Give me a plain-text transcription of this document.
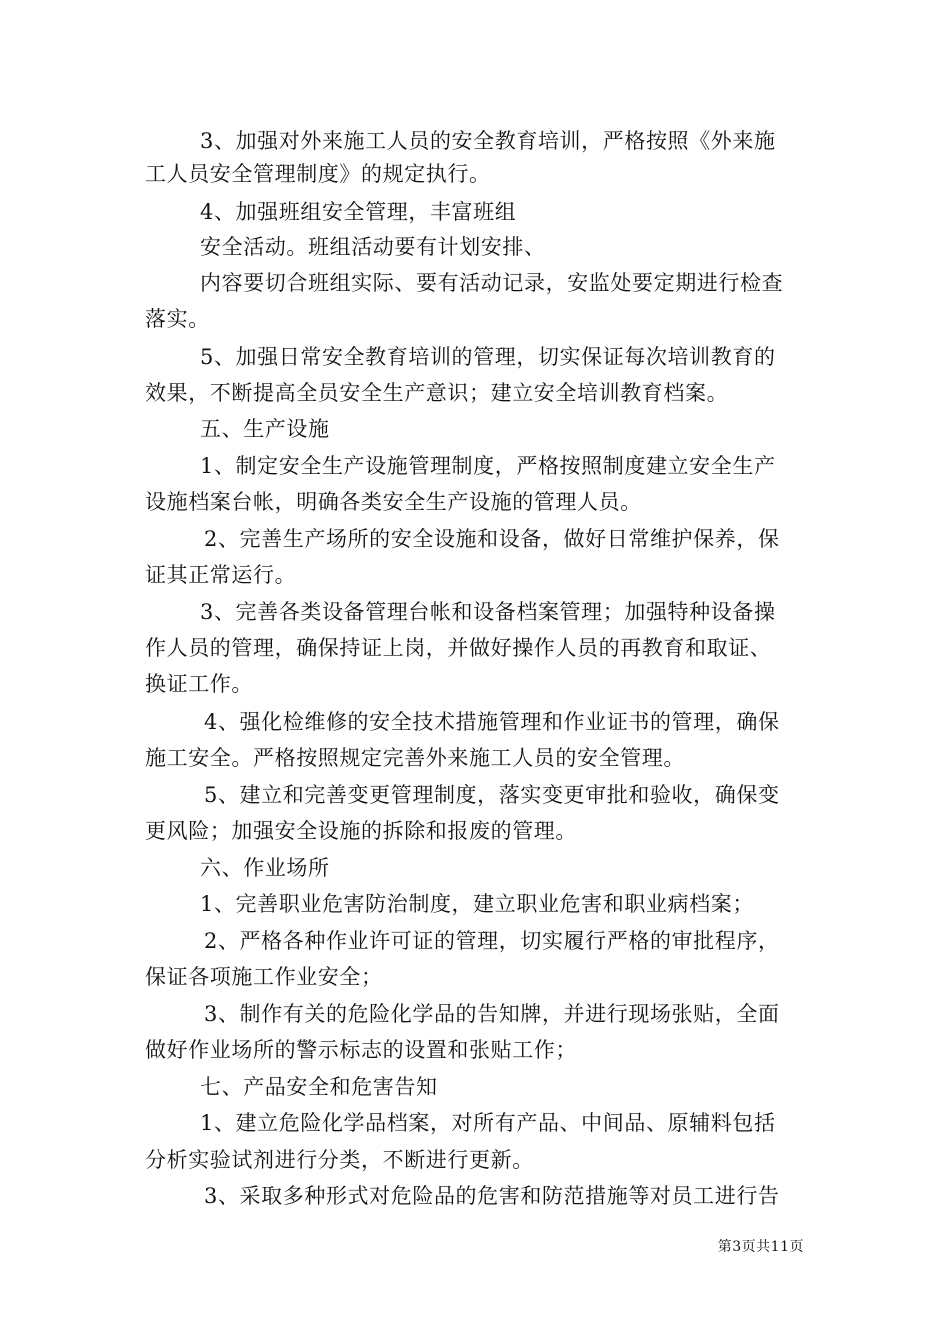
3、加强对外来施工人员的安全教育培训，严格按照《外来施
工人员安全管理制度》的规定执行。
4、加强班组安全管理，丰富班组
安全活动。班组活动要有计划安排、
内容要切合班组实际、要有活动记录，安监处要定期进行检查
落实。
5、加强日常安全教育培训的管理，切实保证每次培训教育的
效果，不断提高全员安全生产意识；建立安全培训教育档案。
五、生产设施
1、制定安全生产设施管理制度，严格按照制度建立安全生产
设施档案台帐，明确各类安全生产设施的管理人员。
2、完善生产场所的安全设施和设备，做好日常维护保养，保
证其正常运行。
3、完善各类设备管理台帐和设备档案管理；加强特种设备操
作人员的管理，确保持证上岗，并做好操作人员的再教育和取证、
换证工作。
4、强化检维修的安全技术措施管理和作业证书的管理，确保
施工安全。严格按照规定完善外来施工人员的安全管理。
5、建立和完善变更管理制度，落实变更审批和验收，确保变
更风险；加强安全设施的拆除和报废的管理。
六、作业场所
1、完善职业危害防治制度，建立职业危害和职业病档案；
2、严格各种作业许可证的管理，切实履行严格的审批程序，
保证各项施工作业安全；
3、制作有关的危险化学品的告知牌，并进行现场张贴，全面
做好作业场所的警示标志的设置和张贴工作；
七、产品安全和危害告知
1、建立危险化学品档案，对所有产品、中间品、原辅料包括
分析实验试剂进行分类，不断进行更新。
3、采取多种形式对危险品的危害和防范措施等对员工进行告
第3页共11页
